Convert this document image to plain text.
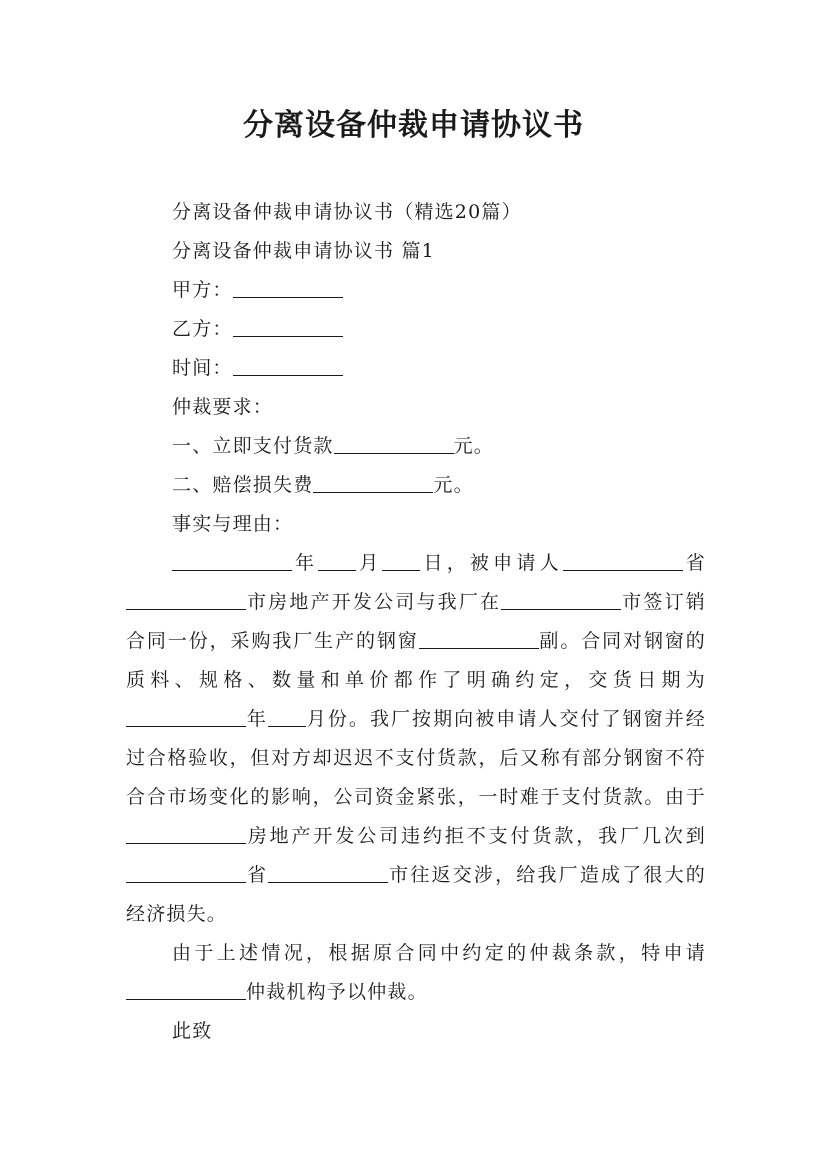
分离设备仲裁申请协议书

分离设备仲裁申请协议书（精选20篇）

分离设备仲裁申请协议书 篇1

甲方：

乙方：

时间：

仲裁要求：

一、立即支付货款	元。

二、赔偿损失费	元。

事实与理由：

年 月 日，被申请人	省市房地产开发公司与我厂在	市签订销合同一份，采购我厂生产的钢窗	副。合同对钢窗的质料、规格、数量和单价都作了明确约定，交货日期为年 月份。我厂按期向被申请人交付了钢窗并经过合格验收，但对方却迟迟不支付货款，后又称有部分钢窗不符合合市场变化的影响，公司资金紧张，一时难于支付货款。由于房地产开发公司违约拒不支付货款，我厂几次到省	市往返交涉，给我厂造成了很大的经济损失。

由于上述情况，根据原合同中约定的仲裁条款，特申请仲裁机构予以仲裁。

此致
